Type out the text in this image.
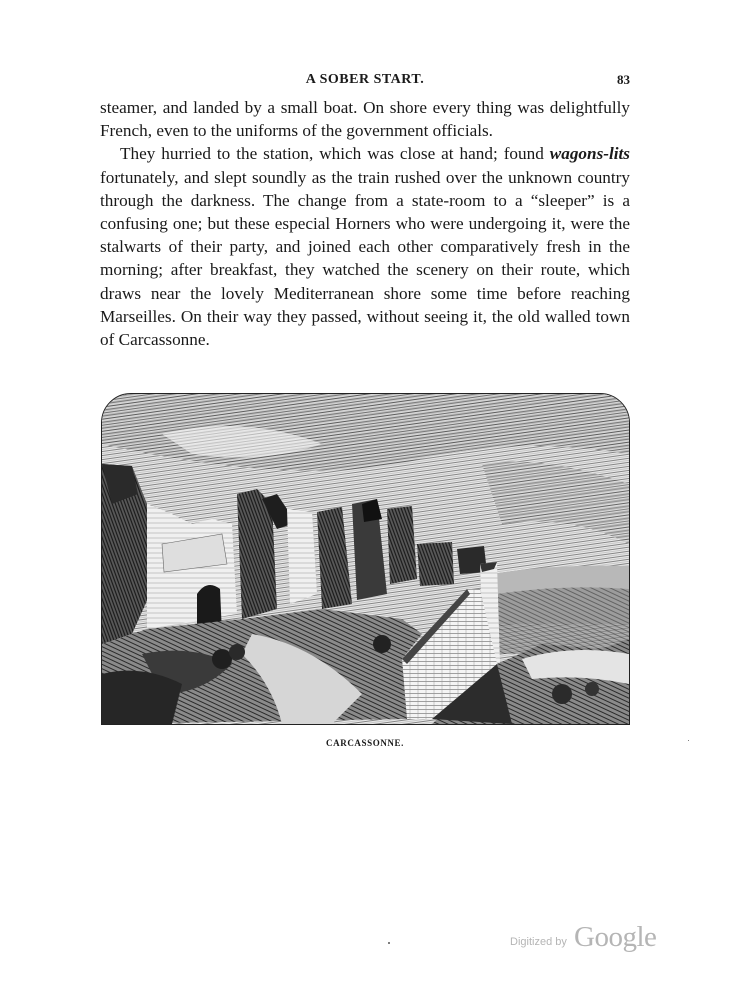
A SOBER START.	83

steamer, and landed by a small boat. On shore every thing was delightfully French, even to the uniforms of the government officials.

They hurried to the station, which was close at hand; found wagons-lits fortunately, and slept soundly as the train rushed over the unknown country through the darkness. The change from a state-room to a “sleeper” is a confusing one; but these especial Horners who were undergoing it, were the stalwarts of their party, and joined each other comparatively fresh in the morning; after breakfast, they watched the scenery on their route, which draws near the lovely Mediterranean shore some time before reaching Marseilles. On their way they passed, without seeing it, the old walled town of Carcassonne.

CARCASSONNE.
Digitized by Google
